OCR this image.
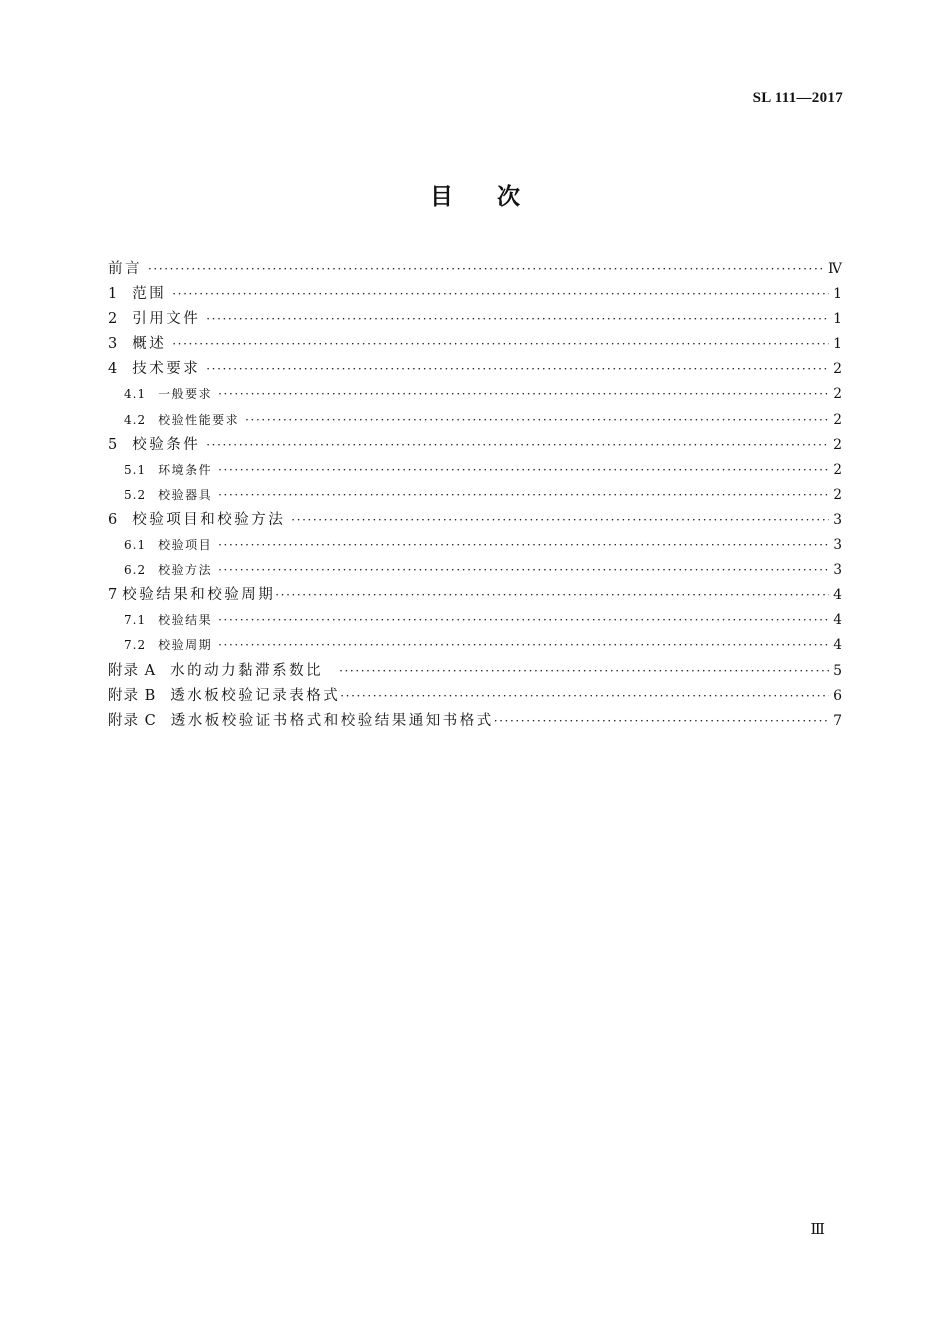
SL 111—2017
目 次
前言 ·····	Ⅳ
1 范围 ·····	1
2 引用文件 ·····	1
3 概述 ·····	1
4 技术要求 ·····	2
4.1 一般要求 ·····	2
4.2 校验性能要求 ·····	2
5 校验条件 ·····	2
5.1 环境条件 ·····	2
5.2 校验器具 ·····	2
6 校验项目和校验方法 ·····	3
6.1 校验项目 ·····	3
6.2 校验方法 ·····	3
7 校验结果和校验周期 ·····	4
7.1 校验结果 ·····	4
7.2 校验周期 ·····	4
附录 A 水的动力黏滞系数比 ·····	5
附录 B 透水板校验记录表格式 ·····	6
附录 C 透水板校验证书格式和校验结果通知书格式 ·····	7
Ⅲ
